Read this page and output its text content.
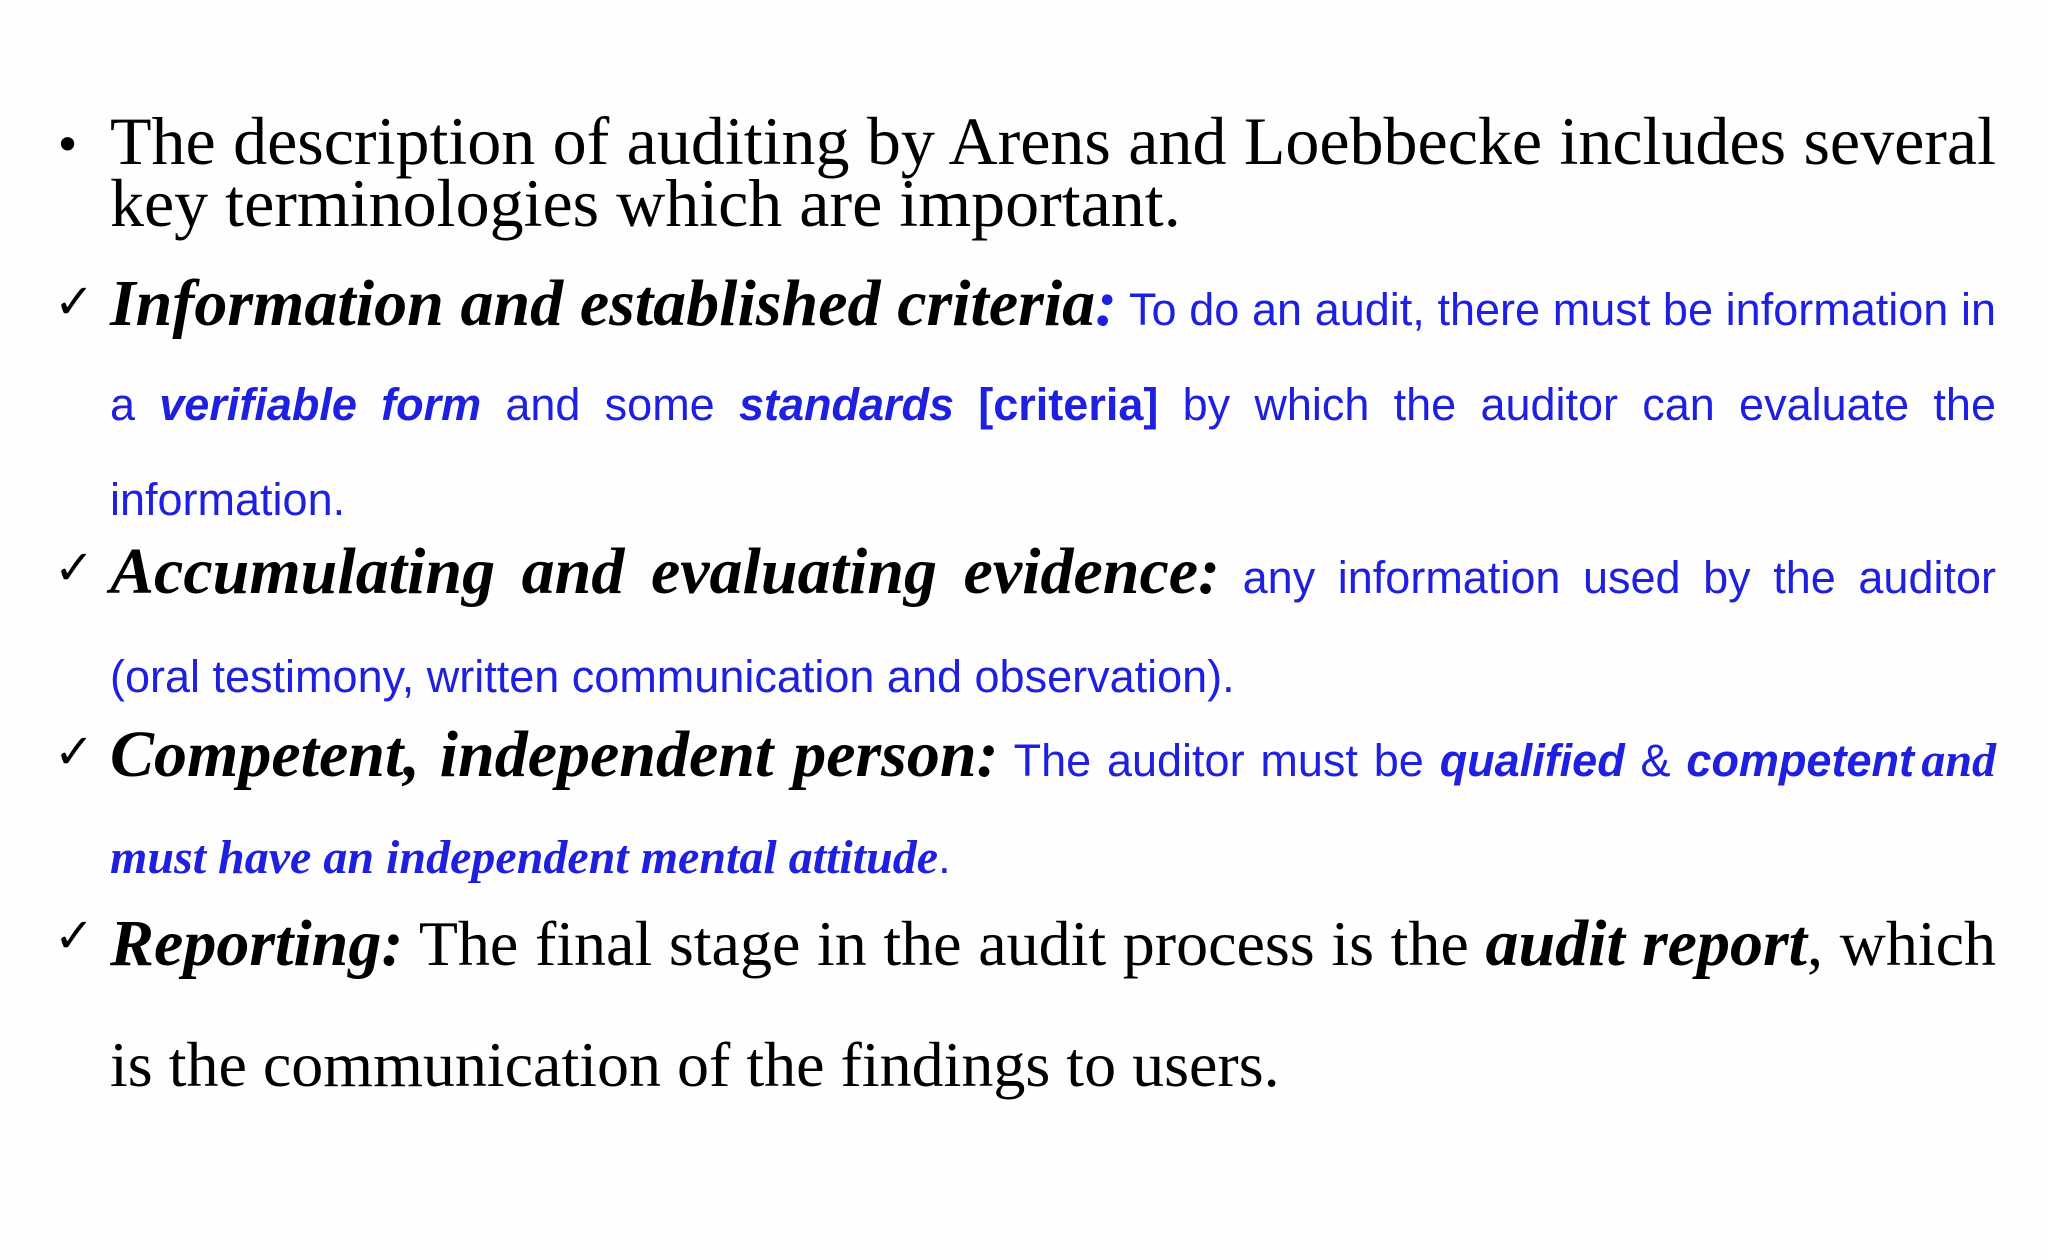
• The description of auditing by Arens and Loebbecke includes several key terminologies which are important.
✓ Information and established criteria: To do an audit, there must be information in a verifiable form and some standards [criteria] by which the auditor can evaluate the information.
✓ Accumulating and evaluating evidence: any information used by the auditor (oral testimony, written communication and observation).
✓ Competent, independent person: The auditor must be qualified & competent and must have an independent mental attitude.
✓ Reporting: The final stage in the audit process is the audit report, which is the communication of the findings to users.
